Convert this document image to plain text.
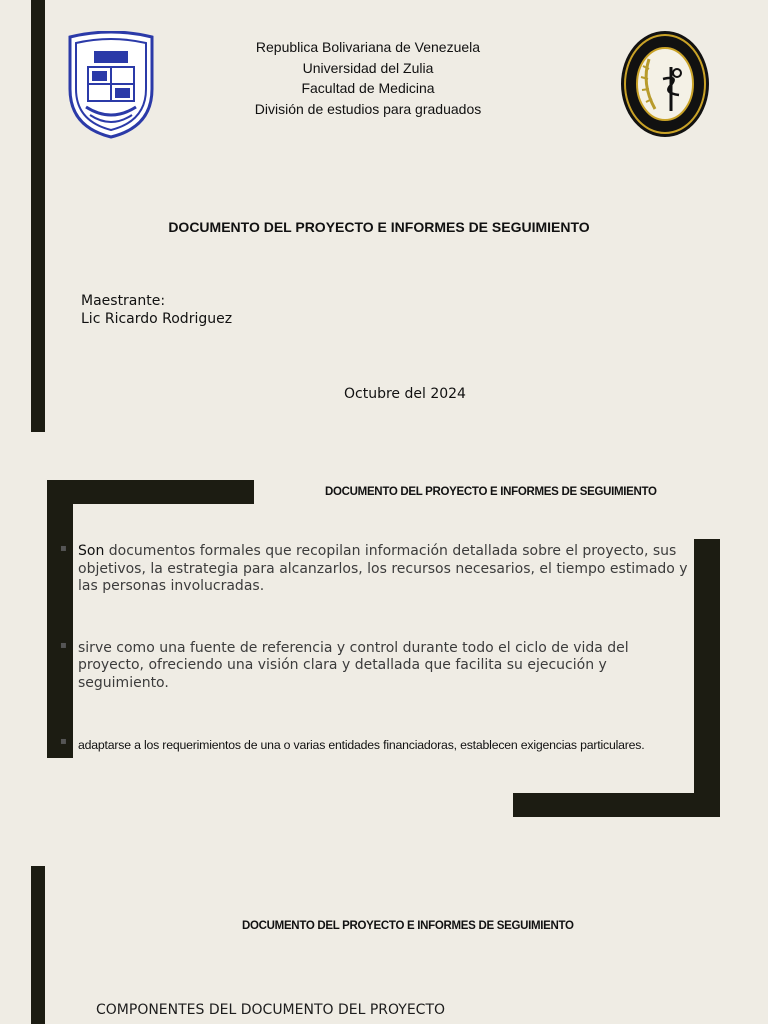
Republica Bolivariana de Venezuela
Universidad del Zulia
Facultad de Medicina
División de estudios para graduados
DOCUMENTO DEL PROYECTO E INFORMES DE SEGUIMIENTO
Maestrante:
Lic Ricardo Rodriguez
Octubre del 2024
DOCUMENTO DEL PROYECTO E INFORMES DE SEGUIMIENTO
▪ Son documentos formales que recopilan información detallada sobre el proyecto, sus objetivos, la estrategia para alcanzarlos, los recursos necesarios, el tiempo estimado y las personas involucradas.
▪ sirve como una fuente de referencia y control durante todo el ciclo de vida del proyecto, ofreciendo una visión clara y detallada que facilita su ejecución y seguimiento.
▪ adaptarse a los requerimientos de una o varias entidades financiadoras, establecen exigencias particulares.
DOCUMENTO DEL PROYECTO E INFORMES DE SEGUIMIENTO
COMPONENTES DEL DOCUMENTO DEL PROYECTO
